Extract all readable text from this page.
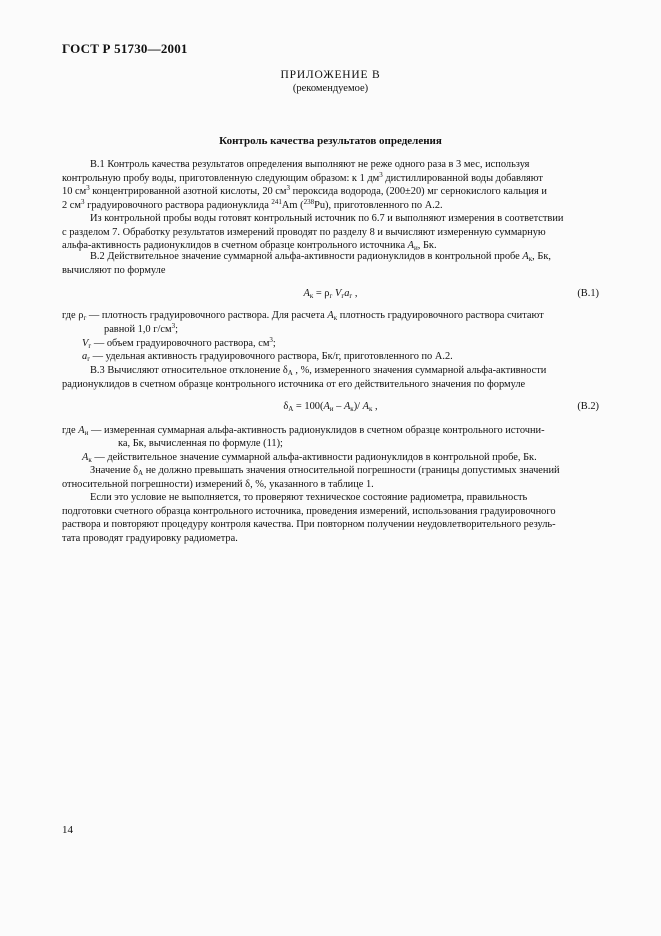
ГОСТ Р 51730—2001
ПРИЛОЖЕНИЕ В
(рекомендуемое)
Контроль качества результатов определения
В.1 Контроль качества результатов определения выполняют не реже одного раза в 3 мес, используя
контрольную пробу воды, приготовленную следующим образом: к 1 $дм^3$ дистиллированной воды добавляют
10 $см^3$ концентрированной азотной кислоты, 20 $см^3$ пероксида водорода, (200±20) мг сернокислого кальция и
2 $см^3$ градуировочного раствора радионуклида $^{241}$Am ($^{238}$Pu), приготовленного по А.2.
Из контрольной пробы воды готовят контрольный источник по 6.7 и выполняют измерения в соответствии
с разделом 7. Обработку результатов измерений проводят по разделу 8 и вычисляют измеренную суммарную
альфа-активность радионуклидов в счетном образце контрольного источника $A_и$, Бк.
В.2 Действительное значение суммарной альфа-активности радионуклидов в контрольной пробе $A_к$, Бк,
вычисляют по формуле
$A_к = \rho_г$ $V_гa_г$ ,	(В.1)
где $\rho_г$ — плотность градуировочного раствора. Для расчета $A_к$ плотность градуировочного раствора считают
равной 1,0 $г/см^3$;
$V_г$ — объем градуировочного раствора, $см^3$;
$a_г$ — удельная активность градуировочного раствора, Бк/г, приготовленного по А.2.
В.3 Вычисляют относительное отклонение $\delta_A$ , %, измеренного значения суммарной альфа-активности
радионуклидов в счетном образце контрольного источника от его действительного значения по формуле
$\delta_A = 100(A_и - A_к)/$ $A_к$ ,	(В.2)
где $A_и$ — измеренная суммарная альфа-активность радионуклидов в счетном образце контрольного источни-
ка, Бк, вычисленная по формуле (11);
$A_к$ — действительное значение суммарной альфа-активности радионуклидов в контрольной пробе, Бк.
Значение $\delta_A$ не должно превышать значения относительной погрешности (границы допустимых значений
относительной погрешности) измерений δ, %, указанного в таблице 1.
Если это условие не выполняется, то проверяют техническое состояние радиометра, правильность
подготовки счетного образца контрольного источника, проведения измерений, использования градуировочного
раствора и повторяют процедуру контроля качества. При повторном получении неудовлетворительного резуль-
тата проводят градуировку радиометра.
14
